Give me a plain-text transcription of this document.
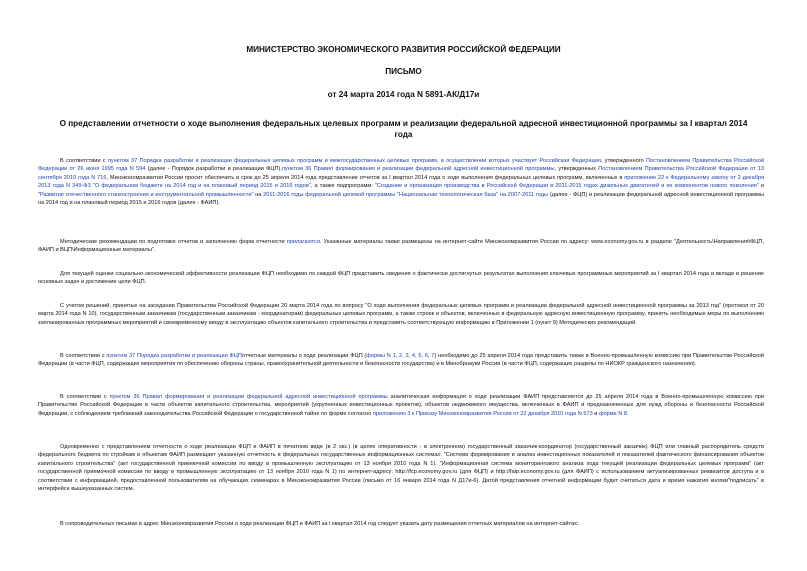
МИНИСТЕРСТВО ЭКОНОМИЧЕСКОГО РАЗВИТИЯ РОССИЙСКОЙ ФЕДЕРАЦИИ
ПИСЬМО
от 24 марта 2014 года N 5891-АК/Д17и
О представлении отчетности о ходе выполнения федеральных целевых программ и реализации федеральной адресной инвестиционной программы за I квартал 2014 года

В соответствии с пунктом 37 Порядка разработки и реализации федеральных целевых программ и межгосударственных целевых программ, в осуществлении которых участвует Российская Федерация, утвержденного Постановлением Правительства Российской Федерации от 26 июня 1995 года N 594 (далее - Порядок разработки и реализации ФЦП),пунктом 36 Правил формирования и реализации федеральной адресной инвестиционной программы, утвержденных Постановлением Правительства Российской Федерации от 13 сентября 2010 года N 716, Минэкономразвития России просит обеспечить в срок до 25 апреля 2014 года представление отчетов за I квартал 2014 года о ходе выполнения федеральных целевых программ, включенных в приложение 22 к Федеральному закону от 2 декабря 2013 года N 349-ФЗ "О федеральном бюджете на 2014 год и на плановый период 2015 и 2016 годов", а также подпрограмм: "Создание и организация производства в Российской Федерации в 2011-2015 годах дизельных двигателей и их компонентов нового поколения" и "Развитие отечественного станкостроения и инструментальной промышленности" на 2011-2016 годы федеральной целевой программы "Национальная технологическая база" на 2007-2011 годы (далее - ФЦП) и реализации федеральной адресной инвестиционной программы на 2014 год и на плановый период 2015 и 2016 годов (далее - ФАИП).

Методические рекомендации по подготовке отчетов и заполнению форм отчетности прилагаются. Указанные материалы также размещены на интернет-сайте Минэкономразвития России по адресу: www.economy.gov.ru в разделе "Деятельность\Направления\ФЦП, ФАИП и ВЦП\Информационные материалы".

Для текущей оценки социально-экономической эффективности реализации ФЦП необходимо по каждой ФЦП представить сведения о фактически достигнутых результатах выполнения ключевых программных мероприятий за I квартал 2014 года и вкладе в решение основных задач и достижение цели ФЦП.

С учетом решений, принятых на заседании Правительства Российской Федерации 20 марта 2014 года по вопросу "О ходе выполнения федеральных целевых программ и реализации федеральной адресной инвестиционной программы за 2013 год" (протокол от 20 марта 2014 года N 10), государственным заказчикам (государственным заказчикам - координаторам) федеральных целевых программ, а также строек и объектов, включенных в федеральную адресную инвестиционную программу, принять необходимые меры по выполнению запланированных программных мероприятий и своевременному вводу в эксплуатацию объектов капитального строительства и представить соответствующую информацию в Приложении 1 (пункт 9) Методических рекомендаций.

В соответствии с пунктом 37 Порядка разработки и реализации ФЦПотчетные материалы о ходе реализации ФЦП (формы N 1, 2, 3, 4, 5, 6, 7) необходимо до 25 апреля 2014 года представить также в Военно-промышленную комиссию при Правительстве Российской Федерации (в части ФЦП, содержащих мероприятия по обеспечению обороны страны, правоохранительной деятельности и безопасности государства) и в Минобрнауки России (в части ФЦП, содержащих разделы по НИОКР гражданского назначения).

В соответствии с пунктом 36 Правил формирования и реализации федеральной адресной инвестиционной программы аналитическая информация о ходе реализации ФАИП представляется до 25 апреля 2014 года в Военно-промышленную комиссию при Правительстве Российской Федерации в части объектов капитального строительства, мероприятий (укрупненных инвестиционных проектов), объектов недвижимого имущества, включенных в ФАИП и предназначенных для нужд обороны и безопасности Российской Федерации, с соблюдением требований законодательства Российской Федерации о государственной тайне по форме согласно приложению 3 к Приказу Минэкономразвития России от 22 декабря 2010 года N 673 и форме N 8.

Одновременно с представлением отчетности о ходе реализации ФЦП и ФАИП в печатном виде (в 2 экз.) (в целях оперативности - в электронном) государственный заказчик-координатор (государственный заказчик) ФЦП или главный распорядитель средств федерального бюджета по стройкам и объектам ФАИП размещает указанную отчетность в федеральных государственных информационных системах: "Система формирования и анализ инвестиционных показателей и показателей фактического финансирования объектов капитального строительства" (акт государственной приемочной комиссии по вводу в промышленную эксплуатацию от 13 ноября 2010 года N 1). "Информационная система мониторингового анализа хода текущей реализации федеральных целевых программ" (акт государственной приемочной комиссии по вводу в промышленную эксплуатацию от 13 ноября 2010 года N 1) по интернет-адресу: http://fcp.economy.gov.ru (для ФЦП) и http://faip.economy.gov.ru (для ФАИП) с использованием актуализированных реквизитов доступа и в соответствии с информацией, предоставленной пользователям на обучающих семинарах в Минэкономразвития России (письмо от 16 января 2014 года N Д17и-6). Датой представления отчетной информации будет считаться дата и время нажатия кнопки"подписать" в интерфейсе вышеуказанных систем.

В сопроводительных письмах в адрес Минэкономразвития России о ходе реализации ФЦП и ФАИП за I квартал 2014 год следует указать дату размещения отчетных материалов на интернет-сайтах:
